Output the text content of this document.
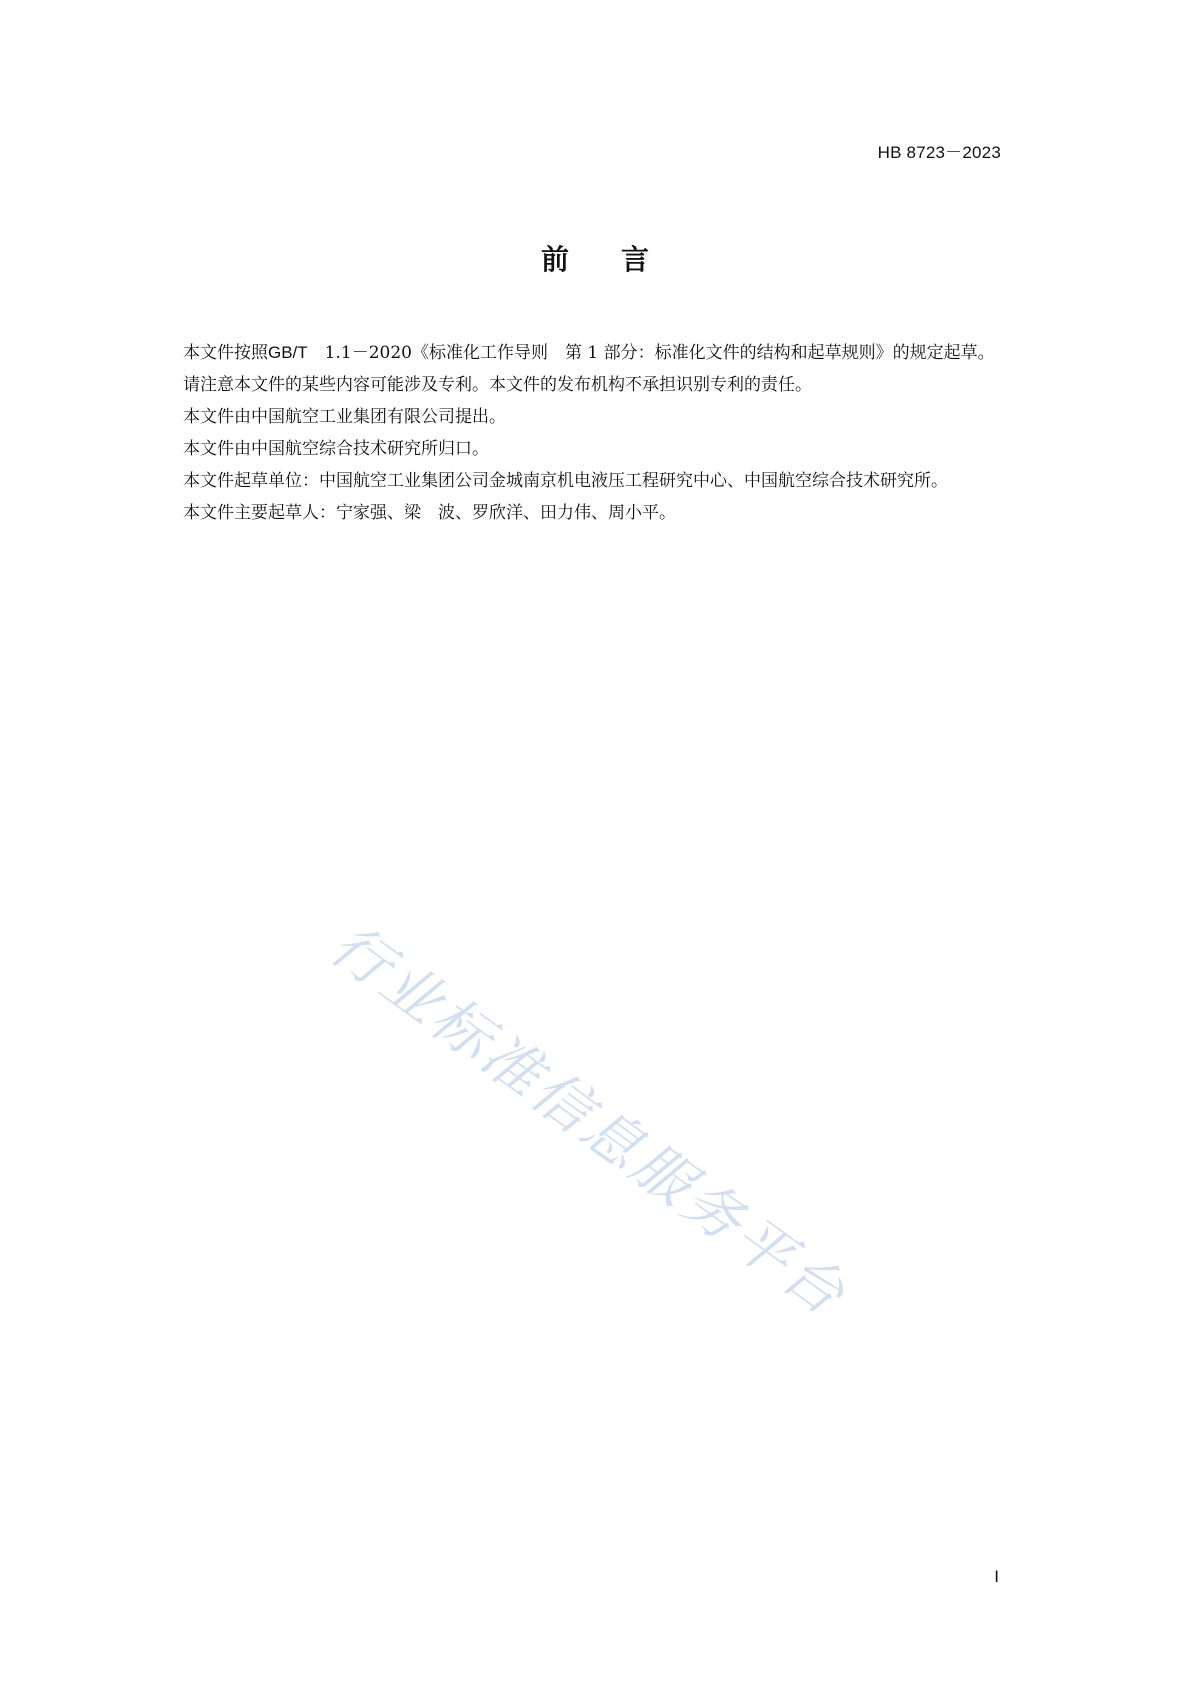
HB 8723－2023
前言

本文件按照GB/T 1.1－2020《标准化工作导则 第 1 部分：标准化文件的结构和起草规则》的规定起草。

请注意本文件的某些内容可能涉及专利。本文件的发布机构不承担识别专利的责任。

本文件由中国航空工业集团有限公司提出。

本文件由中国航空综合技术研究所归口。

本文件起草单位：中国航空工业集团公司金城南京机电液压工程研究中心、中国航空综合技术研究所。

本文件主要起草人：宁家强、梁 波、罗欣洋、田力伟、周小平。

行业标准信息服务平台
I
